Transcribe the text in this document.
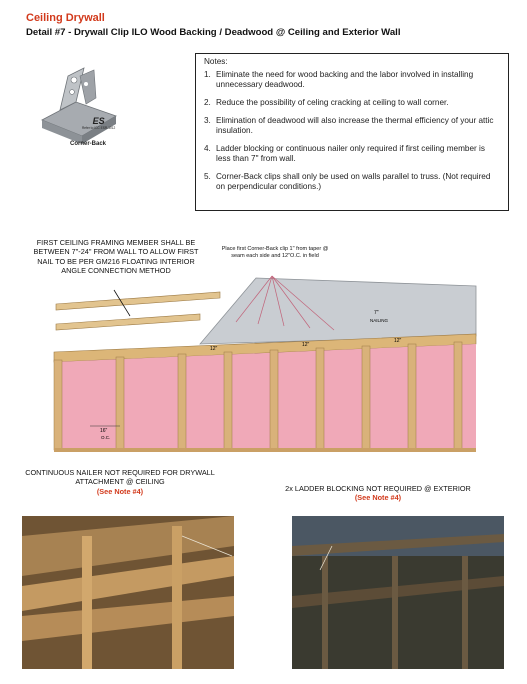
Ceiling Drywall
Detail #7 - Drywall Clip ILO Wood Backing / Deadwood @ Ceiling and Exterior Wall
ES
Refer to ICC ESR-1012
Corner-Back
Notes:
1. Eliminate the need for wood backing and the labor involved in installing unnecessary deadwood.
2. Reduce the possibility of celing cracking at ceiling to wall corner.
3. Elimination of deadwood will also increase the thermal efficiency of your attic insulation.
4. Ladder blocking or continuous nailer only required if first ceiling member is less than 7" from wall.
5. Corner-Back clips shall only be used on walls parallel to truss. (Not required on perpendicular conditions.)
7"
NAILING
12"
12"
12"
16"
O.C.
FIRST CEILING FRAMING MEMBER SHALL BE BETWEEN 7"-24" FROM WALL TO ALLOW FIRST NAIL TO BE PER GM216 FLOATING INTERIOR ANGLE CONNECTION METHOD
Place first Corner-Back clip 1" from taper @ seam each side and 12"O.C. in field
CONTINUOUS NAILER NOT REQUIRED FOR DRYWALL ATTACHMENT @ CEILING
(See Note #4)	2x LADDER BLOCKING NOT REQUIRED @ EXTERIOR
(See Note #4)
